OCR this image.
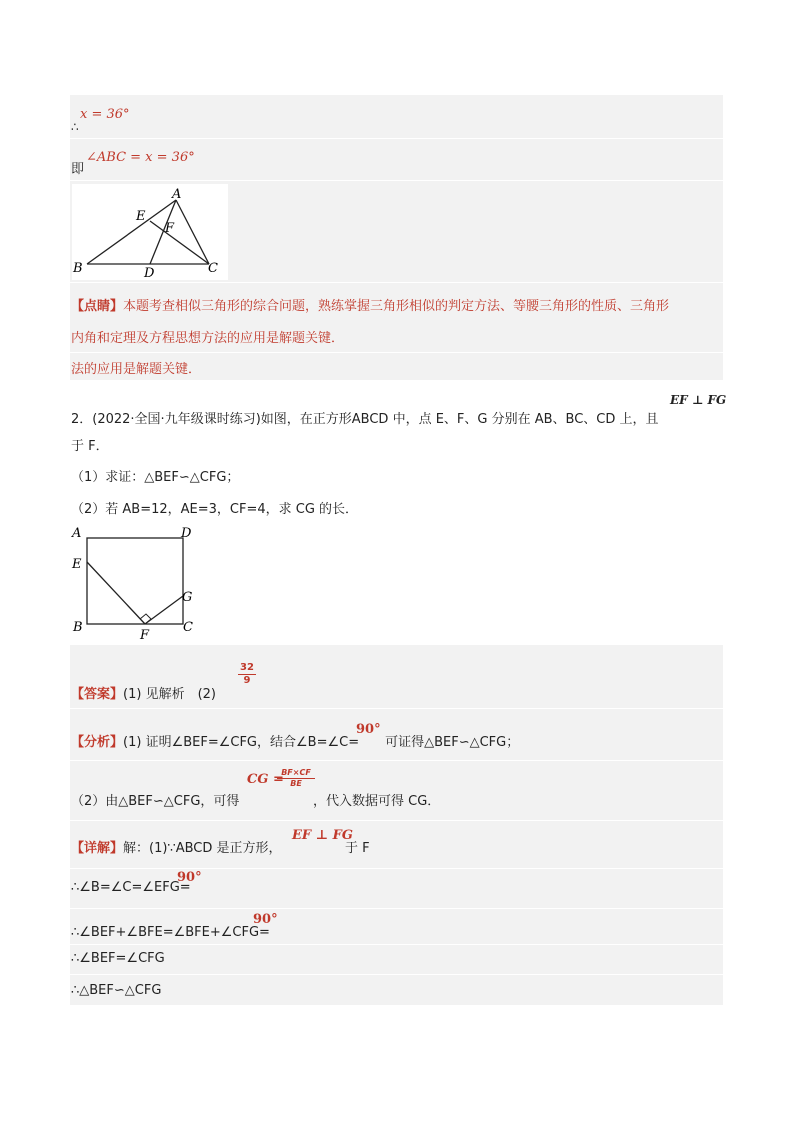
x = 36°
∴
即
∠ABC = x = 36°
A
B	C
D
E
F
【点睛】本题考查相似三角形的综合问题，熟练掌握三角形相似的判定方法、等腰三角形的性质、三角形
内角和定理及方程思想方法的应用是解题关键．
法的应用是解题关键．
2．(2022·全国·九年级课时练习)如图，在正方形ABCD 中，点 E、F、G 分别在 AB、BC、CD 上，且
EF ⊥ FG
于 F．
（1）求证：△BEF∽△CFG；
（2）若 AB=12，AE=3，CF=4，求 CG 的长．
A	D
E
G
B	C
F
【答案】(1) 见解析　(2)
32
9
【分析】(1) 证明∠BEF=∠CFG，结合∠B=∠C= 可证得△BEF∽△CFG；
90°
（2）由△BEF∽△CFG，可得
CG =
BF×CF
BE
，代入数据可得 CG．
【详解】解：(1)∵ABCD 是正方形，
EF ⊥ FG
于 F
∴∠B=∠C=∠EFG=
90°
∴∠BEF+∠BFE=∠BFE+∠CFG=
90°
∴∠BEF=∠CFG
∴△BEF∽△CFG
